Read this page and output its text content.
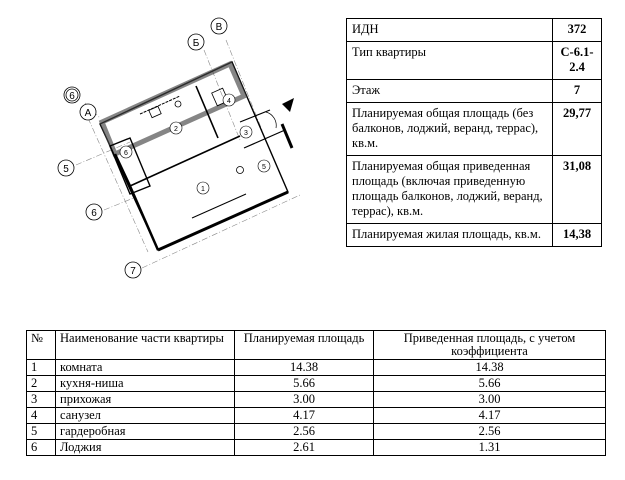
А
Б
В
5
6
6
7
1
2
3
4
5
6
ИДН	372
Тип квартиры	С-6.1-2.4
Этаж	7
Планируемая общая площадь (без балконов, лоджий, веранд, террас), кв.м.	29,77
Планируемая общая приведенная площадь (включая приведенную площадь балконов, лоджий, веранд, террас), кв.м.	31,08
Планируемая жилая площадь, кв.м.	14,38
№	Наименование части квартиры	Планируемая площадь	Приведенная площадь, с учетом коэффициента
1	комната	14.38	14.38
2	кухня-ниша	5.66	5.66
3	прихожая	3.00	3.00
4	санузел	4.17	4.17
5	гардеробная	2.56	2.56
6	Лоджия	2.61	1.31
